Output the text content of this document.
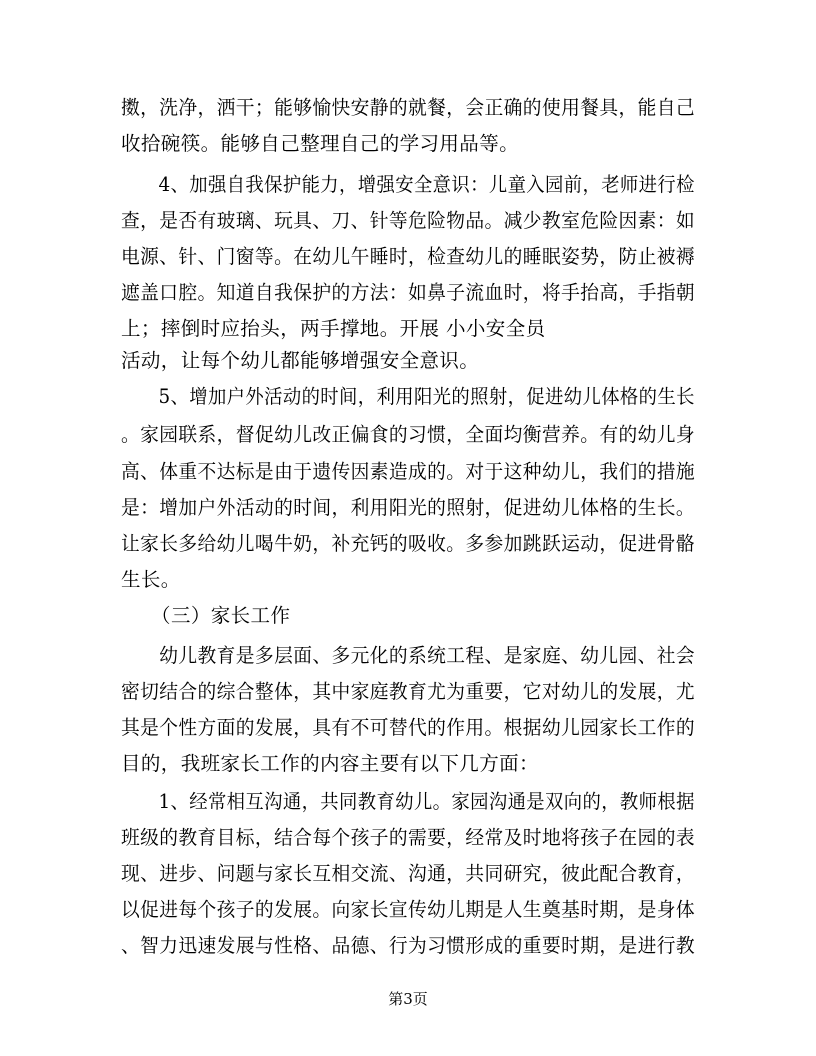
擞，洗净，洒干；能够愉快安静的就餐，会正确的使用餐具，能自己
收拾碗筷。能够自己整理自己的学习用品等。
　　4、加强自我保护能力，增强安全意识：儿童入园前，老师进行检
查，是否有玻璃、玩具、刀、针等危险物品。减少教室危险因素：如
电源、针、门窗等。在幼儿午睡时，检查幼儿的睡眠姿势，防止被褥
遮盖口腔。知道自我保护的方法：如鼻子流血时，将手抬高，手指朝
上；摔倒时应抬头，两手撑地。开展 小小安全员
活动，让每个幼儿都能够增强安全意识。
　　5、增加户外活动的时间，利用阳光的照射，促进幼儿体格的生长
。家园联系，督促幼儿改正偏食的习惯，全面均衡营养。有的幼儿身
高、体重不达标是由于遗传因素造成的。对于这种幼儿，我们的措施
是：增加户外活动的时间，利用阳光的照射，促进幼儿体格的生长。
让家长多给幼儿喝牛奶，补充钙的吸收。多参加跳跃运动，促进骨骼
生长。
　　（三）家长工作
　　幼儿教育是多层面、多元化的系统工程、是家庭、幼儿园、社会
密切结合的综合整体，其中家庭教育尤为重要，它对幼儿的发展，尤
其是个性方面的发展，具有不可替代的作用。根据幼儿园家长工作的
目的，我班家长工作的内容主要有以下几方面：
　　1、经常相互沟通，共同教育幼儿。家园沟通是双向的，教师根据
班级的教育目标，结合每个孩子的需要，经常及时地将孩子在园的表
现、进步、问题与家长互相交流、沟通，共同研究，彼此配合教育，
以促进每个孩子的发展。向家长宣传幼儿期是人生奠基时期，是身体
、智力迅速发展与性格、品德、行为习惯形成的重要时期，是进行教
第3页
